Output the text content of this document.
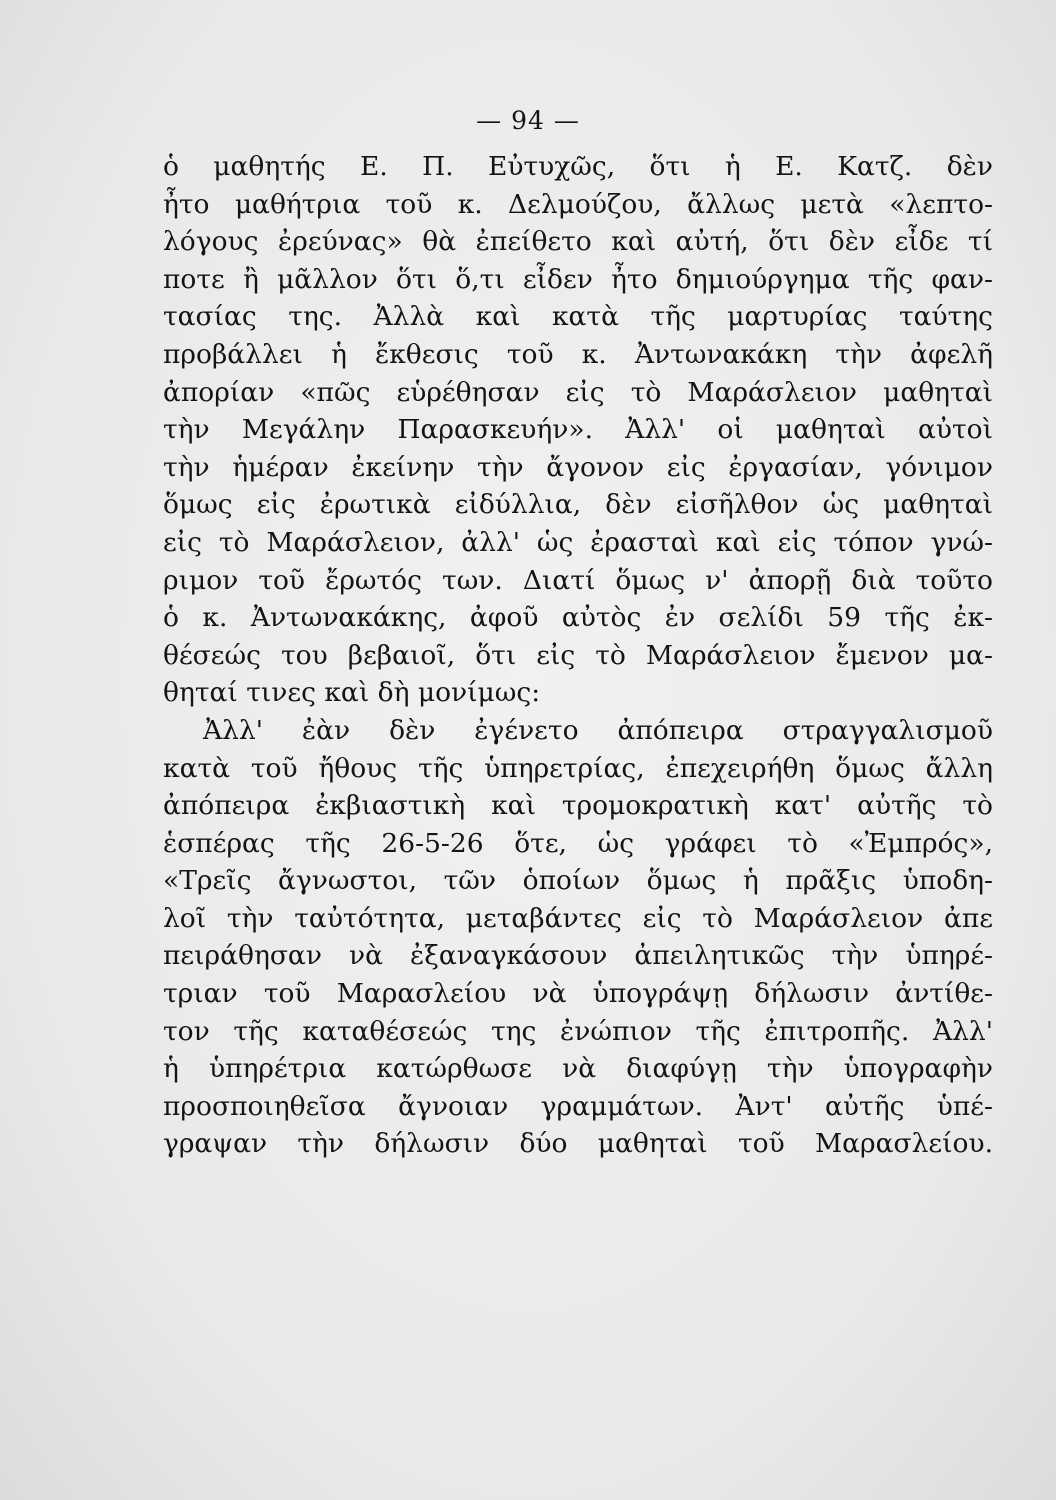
— 94 —
ὁ μαθητής Ε. Π. Εὐτυχῶς, ὅτι ἡ Ε. Κατζ. δὲν
ἦτο μαθήτρια τοῦ κ. Δελμούζου, ἄλλως μετὰ «λεπτο-
λόγους ἐρεύνας» θὰ ἐπείθετο καὶ αὐτή, ὅτι δὲν εἶδε τί
ποτε ἢ μᾶλλον ὅτι ὅ,τι εἶδεν ἦτο δημιούργημα τῆς φαν-
τασίας της. Ἀλλὰ καὶ κατὰ τῆς μαρτυρίας ταύτης
προβάλλει ἡ ἔκθεσις τοῦ κ. Ἀντωνακάκη τὴν ἀφελῆ
ἀπορίαν «πῶς εὑρέθησαν εἰς τὸ Μαράσλειον μαθηταὶ
τὴν Μεγάλην Παρασκευήν». Ἀλλ' οἱ μαθηταὶ αὐτοὶ
τὴν ἡμέραν ἐκείνην τὴν ἄγονον εἰς ἐργασίαν, γόνιμον
ὅμως εἰς ἐρωτικὰ εἰδύλλια, δὲν εἰσῆλθον ὡς μαθηταὶ
εἰς τὸ Μαράσλειον, ἀλλ' ὡς ἐρασταὶ καὶ εἰς τόπον γνώ-
ριμον τοῦ ἔρωτός των. Διατί ὅμως ν' ἀπορῇ διὰ τοῦτο
ὁ κ. Ἀντωνακάκης, ἀφοῦ αὐτὸς ἐν σελίδι 59 τῆς ἐκ-
θέσεώς του βεβαιοῖ, ὅτι εἰς τὸ Μαράσλειον ἔμενον μα-
θηταί τινες καὶ δὴ μονίμως:
Ἀλλ' ἐὰν δὲν ἐγένετο ἀπόπειρα στραγγαλισμοῦ
κατὰ τοῦ ἤθους τῆς ὑπηρετρίας, ἐπεχειρήθη ὅμως ἄλλη
ἀπόπειρα ἐκβιαστικὴ καὶ τρομοκρατικὴ κατ' αὐτῆς τὸ
ἑσπέρας τῆς 26-5-26 ὅτε, ὡς γράφει τὸ «Ἐμπρός»,
«Τρεῖς ἄγνωστοι, τῶν ὁποίων ὅμως ἡ πρᾶξις ὑποδη-
λοῖ τὴν ταὐτότητα, μεταβάντες εἰς τὸ Μαράσλειον ἀπε
πειράθησαν νὰ ἐξαναγκάσουν ἀπειλητικῶς τὴν ὑπηρέ-
τριαν τοῦ Μαρασλείου νὰ ὑπογράψῃ δήλωσιν ἀντίθε-
τον τῆς καταθέσεώς της ἐνώπιον τῆς ἐπιτροπῆς. Ἀλλ'
ἡ ὑπηρέτρια κατώρθωσε νὰ διαφύγῃ τὴν ὑπογραφὴν
προσποιηθεῖσα ἄγνοιαν γραμμάτων. Ἀντ' αὐτῆς ὑπέ-
γραψαν τὴν δήλωσιν δύο μαθηταὶ τοῦ Μαρασλείου.
